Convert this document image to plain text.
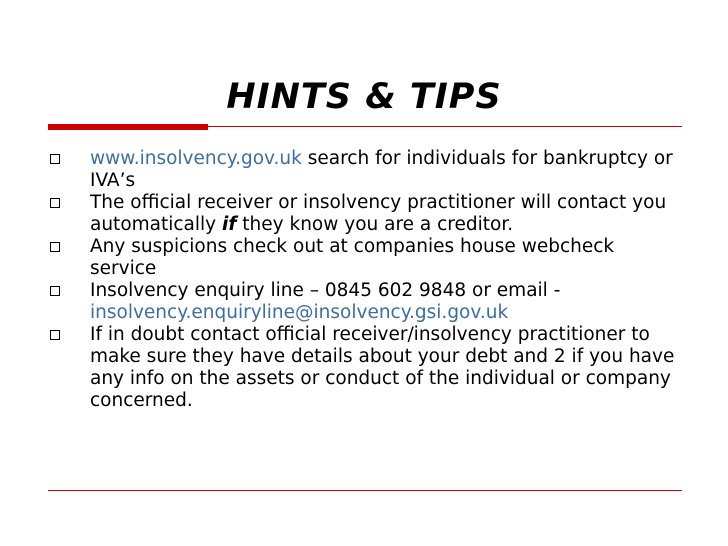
HINTS & TIPS
www.insolvency.gov.uk search for individuals for bankruptcy or IVA’s
The official receiver or insolvency practitioner will contact you automatically if they know you are a creditor.
Any suspicions check out at companies house webcheck service
Insolvency enquiry line – 0845 602 9848 or email - insolvency.enquiryline@insolvency.gsi.gov.uk
If in doubt contact official receiver/insolvency practitioner to make sure they have details about your debt and 2 if you have any info on the assets or conduct of the individual or company concerned.
